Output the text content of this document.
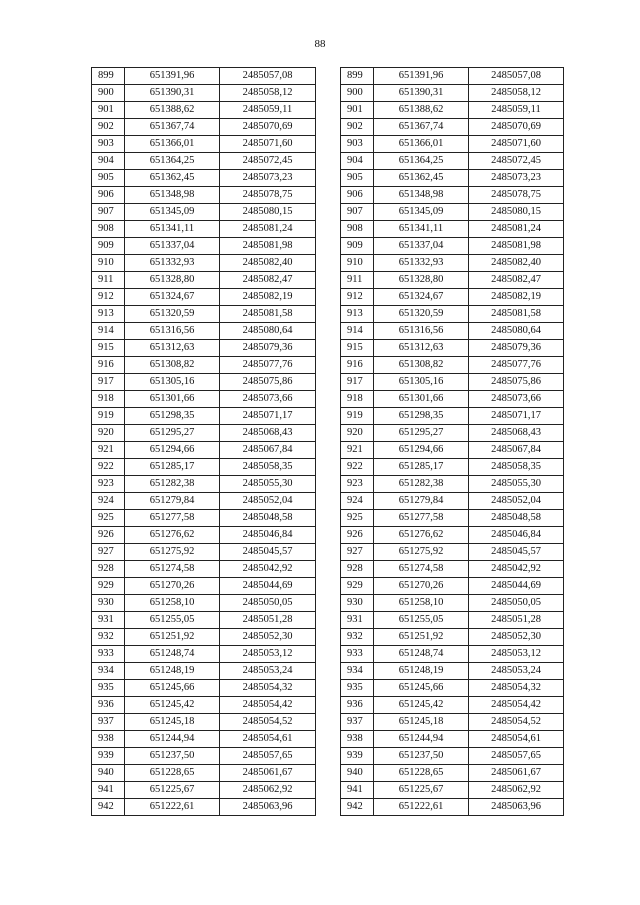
88
899	651391,96	2485057,08
900	651390,31	2485058,12
901	651388,62	2485059,11
902	651367,74	2485070,69
903	651366,01	2485071,60
904	651364,25	2485072,45
905	651362,45	2485073,23
906	651348,98	2485078,75
907	651345,09	2485080,15
908	651341,11	2485081,24
909	651337,04	2485081,98
910	651332,93	2485082,40
911	651328,80	2485082,47
912	651324,67	2485082,19
913	651320,59	2485081,58
914	651316,56	2485080,64
915	651312,63	2485079,36
916	651308,82	2485077,76
917	651305,16	2485075,86
918	651301,66	2485073,66
919	651298,35	2485071,17
920	651295,27	2485068,43
921	651294,66	2485067,84
922	651285,17	2485058,35
923	651282,38	2485055,30
924	651279,84	2485052,04
925	651277,58	2485048,58
926	651276,62	2485046,84
927	651275,92	2485045,57
928	651274,58	2485042,92
929	651270,26	2485044,69
930	651258,10	2485050,05
931	651255,05	2485051,28
932	651251,92	2485052,30
933	651248,74	2485053,12
934	651248,19	2485053,24
935	651245,66	2485054,32
936	651245,42	2485054,42
937	651245,18	2485054,52
938	651244,94	2485054,61
939	651237,50	2485057,65
940	651228,65	2485061,67
941	651225,67	2485062,92
942	651222,61	2485063,96
899	651391,96	2485057,08
900	651390,31	2485058,12
901	651388,62	2485059,11
902	651367,74	2485070,69
903	651366,01	2485071,60
904	651364,25	2485072,45
905	651362,45	2485073,23
906	651348,98	2485078,75
907	651345,09	2485080,15
908	651341,11	2485081,24
909	651337,04	2485081,98
910	651332,93	2485082,40
911	651328,80	2485082,47
912	651324,67	2485082,19
913	651320,59	2485081,58
914	651316,56	2485080,64
915	651312,63	2485079,36
916	651308,82	2485077,76
917	651305,16	2485075,86
918	651301,66	2485073,66
919	651298,35	2485071,17
920	651295,27	2485068,43
921	651294,66	2485067,84
922	651285,17	2485058,35
923	651282,38	2485055,30
924	651279,84	2485052,04
925	651277,58	2485048,58
926	651276,62	2485046,84
927	651275,92	2485045,57
928	651274,58	2485042,92
929	651270,26	2485044,69
930	651258,10	2485050,05
931	651255,05	2485051,28
932	651251,92	2485052,30
933	651248,74	2485053,12
934	651248,19	2485053,24
935	651245,66	2485054,32
936	651245,42	2485054,42
937	651245,18	2485054,52
938	651244,94	2485054,61
939	651237,50	2485057,65
940	651228,65	2485061,67
941	651225,67	2485062,92
942	651222,61	2485063,96
